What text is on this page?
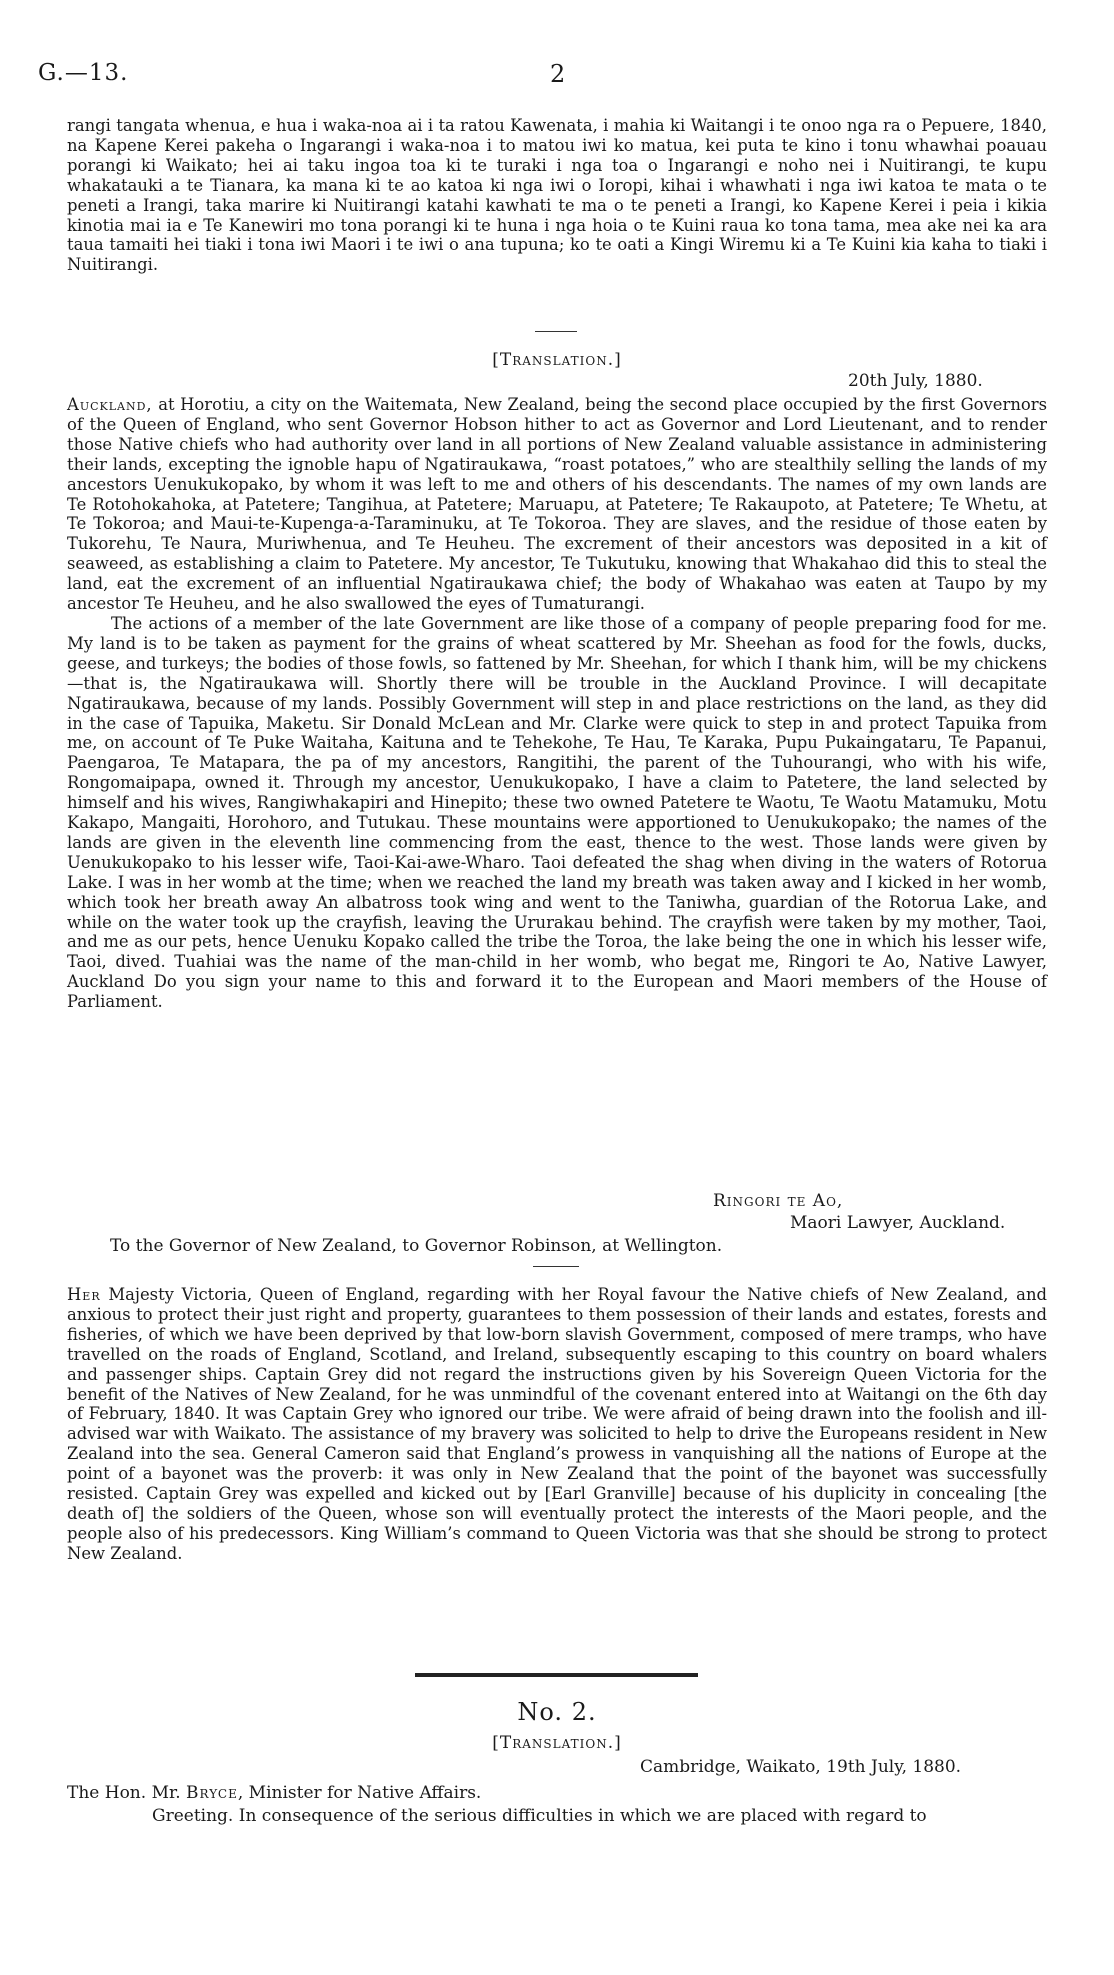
G.—13.	2
rangi tangata whenua, e hua i waka-noa ai i ta ratou Kawenata, i mahia ki Waitangi i te onoo nga ra o Pepuere, 1840, na Kapene Kerei pakeha o Ingarangi i waka-noa i to matou iwi ko matua, kei puta te kino i tonu whawhai poauau porangi ki Waikato; hei ai taku ingoa toa ki te turaki i nga toa o Ingarangi e noho nei i Nuitirangi, te kupu whakatauki a te Tianara, ka mana ki te ao katoa ki nga iwi o Ioropi, kihai i whawhati i nga iwi katoa te mata o te peneti a Irangi, taka marire ki Nuitirangi katahi kawhati te ma o te peneti a Irangi, ko Kapene Kerei i peia i kikia kinotia mai ia e Te Kanewiri mo tona porangi ki te huna i nga hoia o te Kuini raua ko tona tama, mea ake nei ka ara taua tamaiti hei tiaki i tona iwi Maori i te iwi o ana tupuna; ko te oati a Kingi Wiremu ki a Te Kuini kia kaha to tiaki i Nuitirangi.
[Translation.]
20th July, 1880.

Auckland, at Horotiu, a city on the Waitemata, New Zealand, being the second place occupied by the first Governors of the Queen of England, who sent Governor Hobson hither to act as Governor and Lord Lieutenant, and to render those Native chiefs who had authority over land in all portions of New Zealand valuable assistance in administering their lands, excepting the ignoble hapu of Ngatiraukawa, “roast potatoes,” who are stealthily selling the lands of my ancestors Uenukukopako, by whom it was left to me and others of his descendants. The names of my own lands are Te Rotohokahoka, at Patetere; Tangihua, at Patetere; Maruapu, at Patetere; Te Rakaupoto, at Patetere; Te Whetu, at Te Tokoroa; and Maui-te-Kupenga-a-Taraminuku, at Te Tokoroa. They are slaves, and the residue of those eaten by Tukorehu, Te Naura, Muriwhenua, and Te Heuheu. The excrement of their ancestors was deposited in a kit of seaweed, as establishing a claim to Patetere. My ancestor, Te Tukutuku, knowing that Whakahao did this to steal the land, eat the excrement of an influential Ngatiraukawa chief; the body of Whakahao was eaten at Taupo by my ancestor Te Heuheu, and he also swallowed the eyes of Tumaturangi.

The actions of a member of the late Government are like those of a company of people preparing food for me. My land is to be taken as payment for the grains of wheat scattered by Mr. Sheehan as food for the fowls, ducks, geese, and turkeys; the bodies of those fowls, so fattened by Mr. Sheehan, for which I thank him, will be my chickens—that is, the Ngatiraukawa will. Shortly there will be trouble in the Auckland Province. I will decapitate Ngatiraukawa, because of my lands. Possibly Government will step in and place restrictions on the land, as they did in the case of Tapuika, Maketu. Sir Donald McLean and Mr. Clarke were quick to step in and protect Tapuika from me, on account of Te Puke Waitaha, Kaituna and te Tehekohe, Te Hau, Te Karaka, Pupu Pukaingataru, Te Papanui, Paengaroa, Te Matapara, the pa of my ancestors, Rangitihi, the parent of the Tuhourangi, who with his wife, Rongomaipapa, owned it. Through my ancestor, Uenukukopako, I have a claim to Patetere, the land selected by himself and his wives, Rangiwhakapiri and Hinepito; these two owned Patetere te Waotu, Te Waotu Matamuku, Motu Kakapo, Mangaiti, Horohoro, and Tutukau. These mountains were apportioned to Uenukukopako; the names of the lands are given in the eleventh line commencing from the east, thence to the west. Those lands were given by Uenukukopako to his lesser wife, Taoi-Kai-awe-Wharo. Taoi defeated the shag when diving in the waters of Rotorua Lake. I was in her womb at the time; when we reached the land my breath was taken away and I kicked in her womb, which took her breath away An albatross took wing and went to the Taniwha, guardian of the Rotorua Lake, and while on the water took up the crayfish, leaving the Ururakau behind. The crayfish were taken by my mother, Taoi, and me as our pets, hence Uenuku Kopako called the tribe the Toroa, the lake being the one in which his lesser wife, Taoi, dived. Tuahiai was the name of the man-child in her womb, who begat me, Ringori te Ao, Native Lawyer, Auckland Do you sign your name to this and forward it to the European and Maori members of the House of Parliament.

Ringori te Ao,
Maori Lawyer, Auckland.
To the Governor of New Zealand, to Governor Robinson, at Wellington.
Her Majesty Victoria, Queen of England, regarding with her Royal favour the Native chiefs of New Zealand, and anxious to protect their just right and property, guarantees to them possession of their lands and estates, forests and fisheries, of which we have been deprived by that low-born slavish Government, composed of mere tramps, who have travelled on the roads of England, Scotland, and Ireland, subsequently escaping to this country on board whalers and passenger ships. Captain Grey did not regard the instructions given by his Sovereign Queen Victoria for the benefit of the Natives of New Zealand, for he was unmindful of the covenant entered into at Waitangi on the 6th day of February, 1840. It was Captain Grey who ignored our tribe. We were afraid of being drawn into the foolish and ill-advised war with Waikato. The assistance of my bravery was solicited to help to drive the Europeans resident in New Zealand into the sea. General Cameron said that England’s prowess in vanquishing all the nations of Europe at the point of a bayonet was the proverb: it was only in New Zealand that the point of the bayonet was successfully resisted. Captain Grey was expelled and kicked out by [Earl Granville] because of his duplicity in concealing [the death of] the soldiers of the Queen, whose son will eventually protect the interests of the Maori people, and the people also of his predecessors. King William’s command to Queen Victoria was that she should be strong to protect New Zealand.
No. 2.
[Translation.]
Cambridge, Waikato, 19th July, 1880.
The Hon. Mr. Bryce, Minister for Native Affairs.
Greeting. In consequence of the serious difficulties in which we are placed with regard to
